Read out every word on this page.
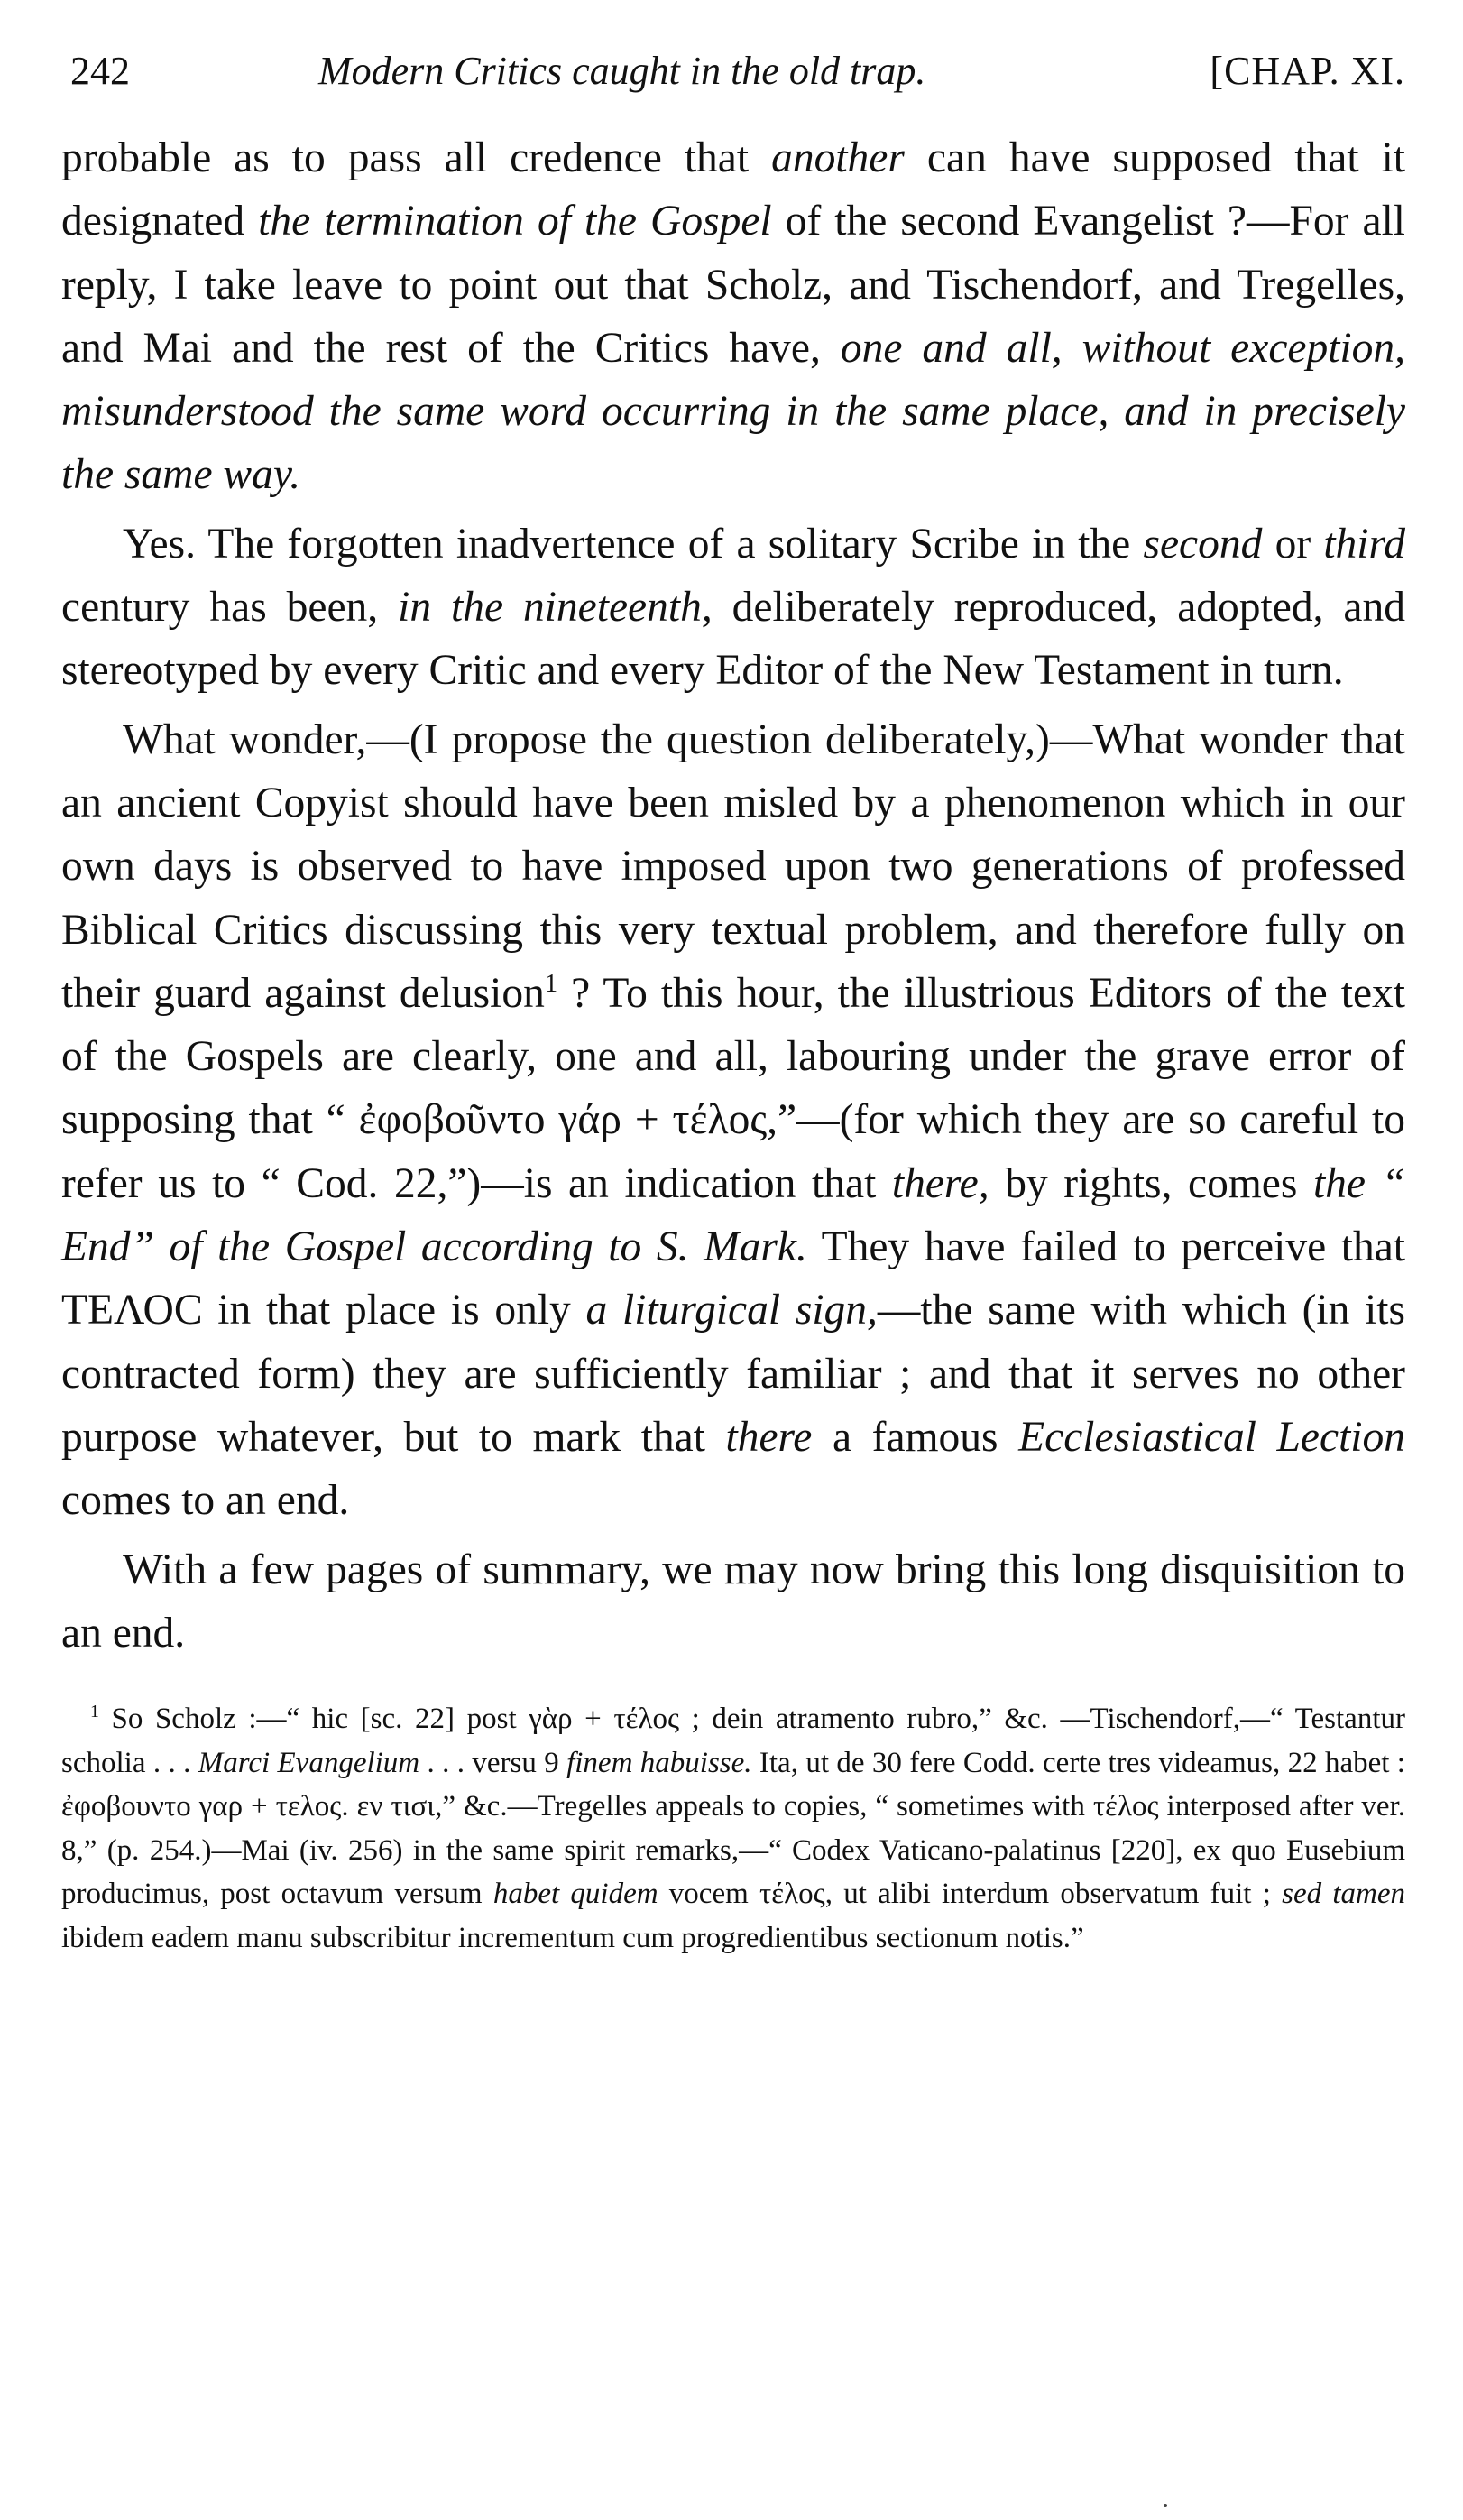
242	Modern Critics caught in the old trap.	[CHAP. XI.

probable as to pass all credence that another can have supposed that it designated the termination of the Gospel of the second Evangelist ?—For all reply, I take leave to point out that Scholz, and Tischendorf, and Tregelles, and Mai and the rest of the Critics have, one and all, without exception, misunderstood the same word occurring in the same place, and in precisely the same way.

Yes. The forgotten inadvertence of a solitary Scribe in the second or third century has been, in the nineteenth, deliberately reproduced, adopted, and stereotyped by every Critic and every Editor of the New Testament in turn.

What wonder,—(I propose the question deliberately,)—What wonder that an ancient Copyist should have been misled by a phenomenon which in our own days is observed to have imposed upon two generations of professed Biblical Critics discussing this very textual problem, and therefore fully on their guard against delusion$^1$ ? To this hour, the illustrious Editors of the text of the Gospels are clearly, one and all, labouring under the grave error of supposing that “ ἐφοβοῦντο γάρ + τέλος,”—(for which they are so careful to refer us to “ Cod. 22,”)—is an indication that there, by rights, comes the “ End” of the Gospel according to S. Mark. They have failed to perceive that ΤΕΛΟϹ in that place is only a liturgical sign,—the same with which (in its contracted form) they are sufficiently familiar ; and that it serves no other purpose whatever, but to mark that there a famous Ecclesiastical Lection comes to an end.

With a few pages of summary, we may now bring this long disquisition to an end.

$^1$ So Scholz :—“ hic [sc. 22] post γὰρ + τέλος ; dein atramento rubro,” &c. —Tischendorf,—“ Testantur scholia . . . Marci Evangelium . . . versu 9 finem habuisse. Ita, ut de 30 fere Codd. certe tres videamus, 22 habet : ἐφοβουντο γαρ + τελος. εν τισι,” &c.—Tregelles appeals to copies, “ sometimes with τέλος interposed after ver. 8,” (p. 254.)—Mai (iv. 256) in the same spirit remarks,—“ Codex Vaticano-palatinus [220], ex quo Eusebium producimus, post octavum versum habet quidem vocem τέλος, ut alibi interdum observatum fuit ; sed tamen ibidem eadem manu subscribitur incrementum cum progredientibus sectionum notis.”
